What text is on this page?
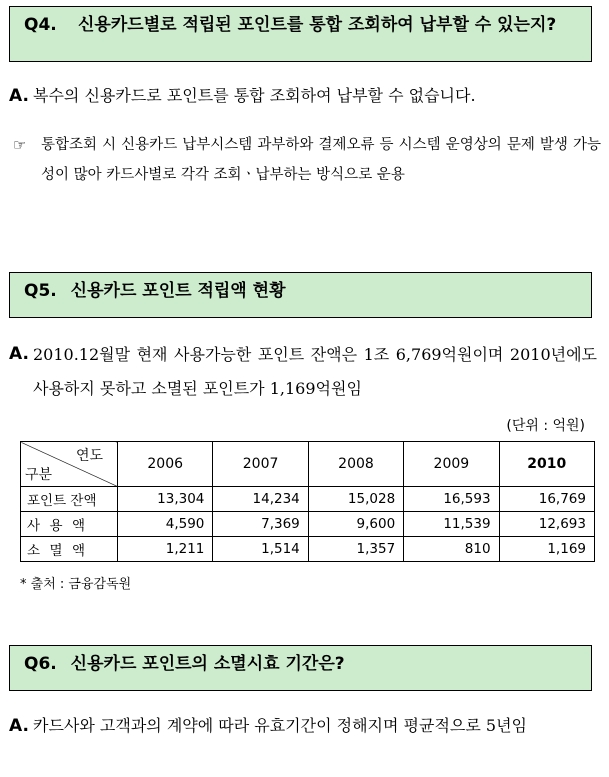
Q4. 신용카드별로 적립된 포인트를 통합 조회하여 납부할 수 있는지?
A. 복수의 신용카드로 포인트를 통합 조회하여 납부할 수 없습니다.
☞ 통합조회 시 신용카드 납부시스템 과부하와 결제오류 등 시스템 운영상의 문제 발생 가능성이 많아 카드사별로 각각 조회ㆍ납부하는 방식으로 운용
Q5. 신용카드 포인트 적립액 현황
A. 2010.12월말 현재 사용가능한 포인트 잔액은 1조 6,769억원이며 2010년에도 사용하지 못하고 소멸된 포인트가 1,169억원임
(단위 : 억원)
연도
구분	2006	2007	2008	2009	2010
포인트 잔액	13,304	14,234	15,028	16,593	16,769
사용액	4,590	7,369	9,600	11,539	12,693
소멸액	1,211	1,514	1,357	810	1,169
* 출처 : 금융감독원
Q6. 신용카드 포인트의 소멸시효 기간은?
A. 카드사와 고객과의 계약에 따라 유효기간이 정해지며 평균적으로 5년임
